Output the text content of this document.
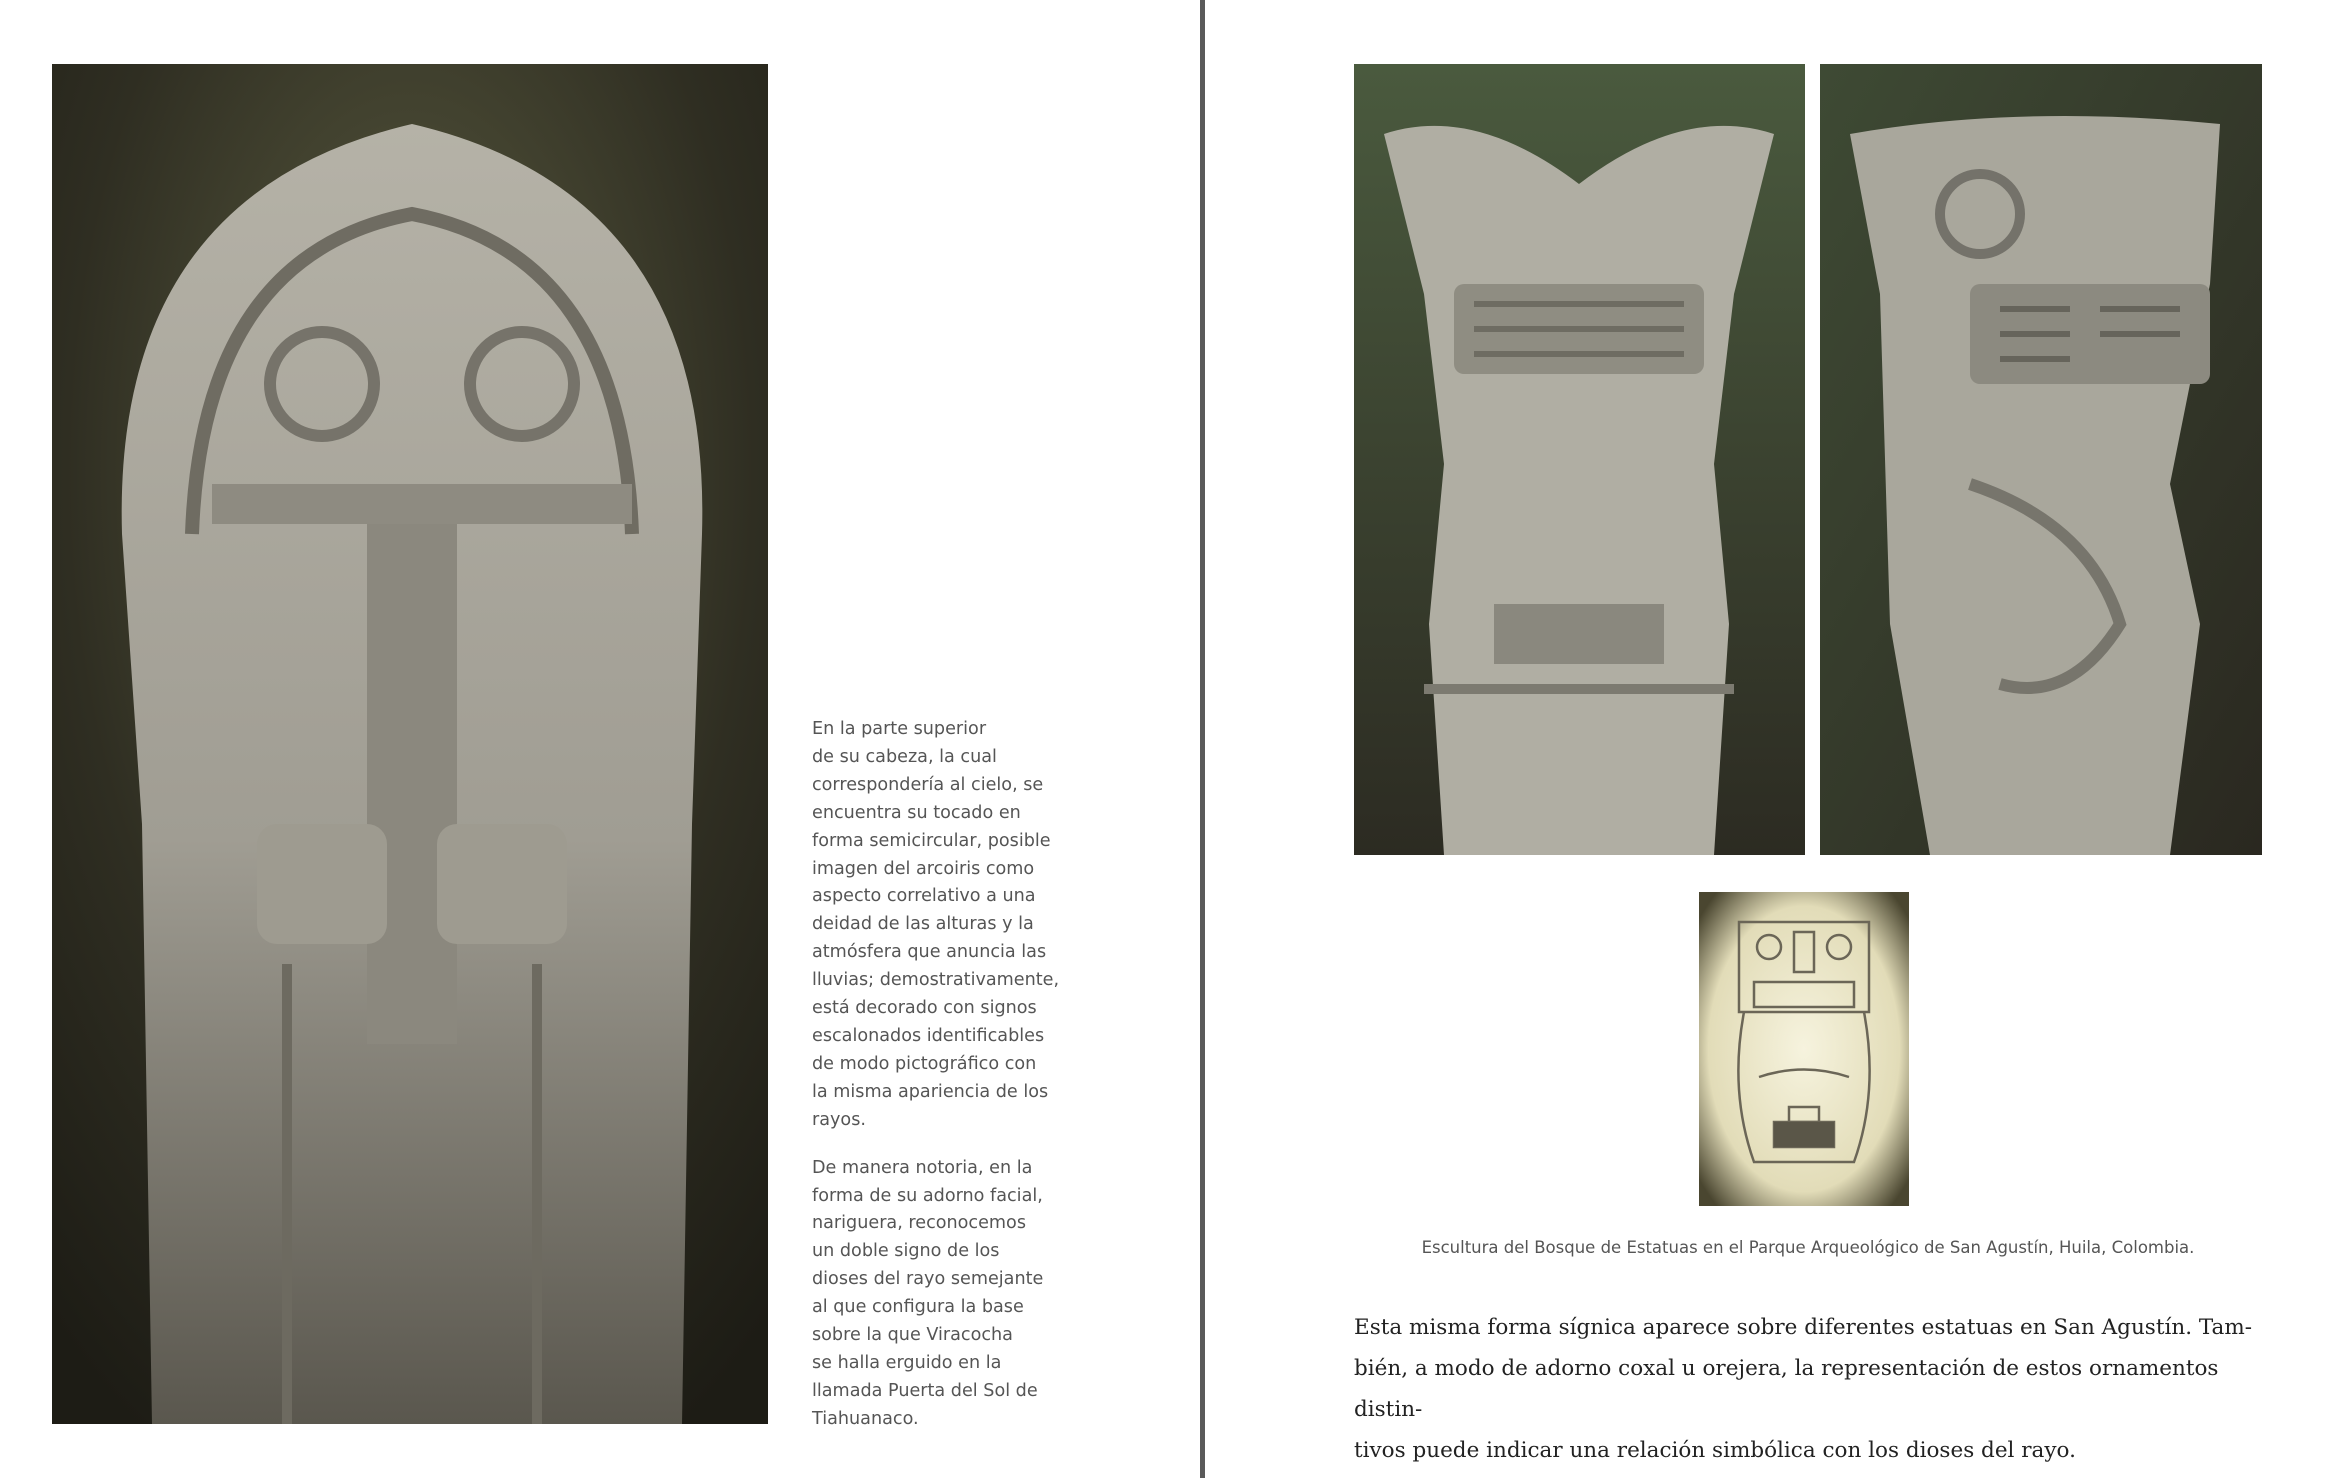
En la parte superior
de su cabeza, la cual
correspondería al cielo, se
encuentra su tocado en
forma semicircular, posible
imagen del arcoiris como
aspecto correlativo a una
deidad de las alturas y la
atmósfera que anuncia las
lluvias; demostrativamente,
está decorado con signos
escalonados identificables
de modo pictográfico con
la misma apariencia de los
rayos.

De manera notoria, en la
forma de su adorno facial,
nariguera, reconocemos
un doble signo de los
dioses del rayo semejante
al que configura la base
sobre la que Viracocha
se halla erguido en la
llamada Puerta del Sol de
Tiahuanaco.

Escultura del Bosque de Estatuas en el Parque Arqueológico de San Agustín, Huila, Colombia.
Esta misma forma sígnica aparece sobre diferentes estatuas en San Agustín. Tam-
bién, a modo de adorno coxal u orejera, la representación de estos ornamentos distin-
tivos puede indicar una relación simbólica con los dioses del rayo.
